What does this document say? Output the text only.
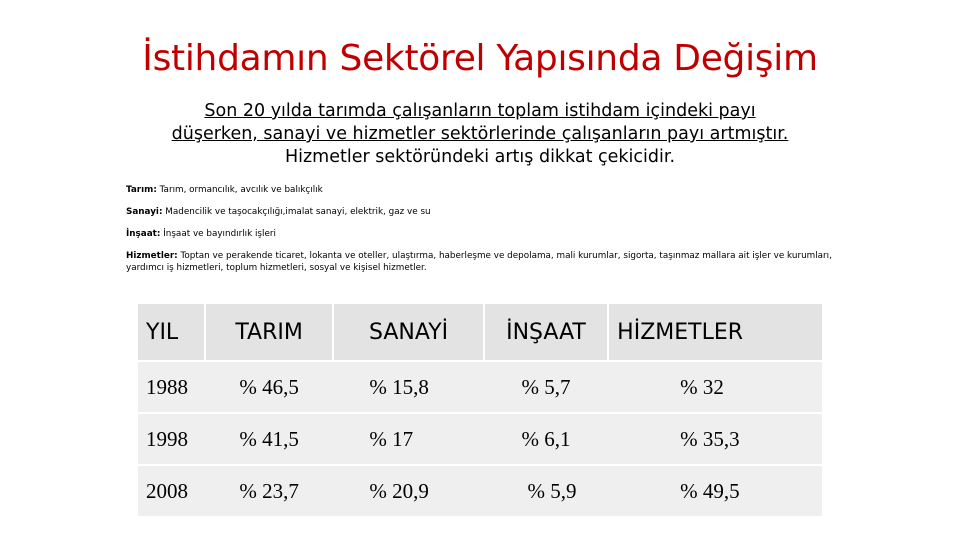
İstihdamın Sektörel Yapısında Değişim
Son 20 yılda tarımda çalışanların toplam istihdam içindeki payı
düşerken, sanayi ve hizmetler sektörlerinde çalışanların payı artmıştır.
Hizmetler sektöründeki artış dikkat çekicidir.

Tarım: Tarım, ormancılık, avcılık ve balıkçılık

Sanayi: Madencilik ve taşocakçılığı,imalat sanayi, elektrik, gaz ve su

İnşaat: İnşaat ve bayındırlık işleri

Hizmetler: Toptan ve perakende ticaret, lokanta ve oteller, ulaştırma, haberleşme ve depolama, mali kurumlar, sigorta, taşınmaz mallara ait işler ve kurumları, yardımcı iş hizmetleri, toplum hizmetleri, sosyal ve kişisel hizmetler.

YIL	TARIM	SANAYİ	İNŞAAT	HİZMETLER
1988	% 46,5	% 15,8	% 5,7	% 32
1998	% 41,5	% 17	% 6,1	% 35,3
2008	% 23,7	% 20,9	% 5,9	% 49,5
